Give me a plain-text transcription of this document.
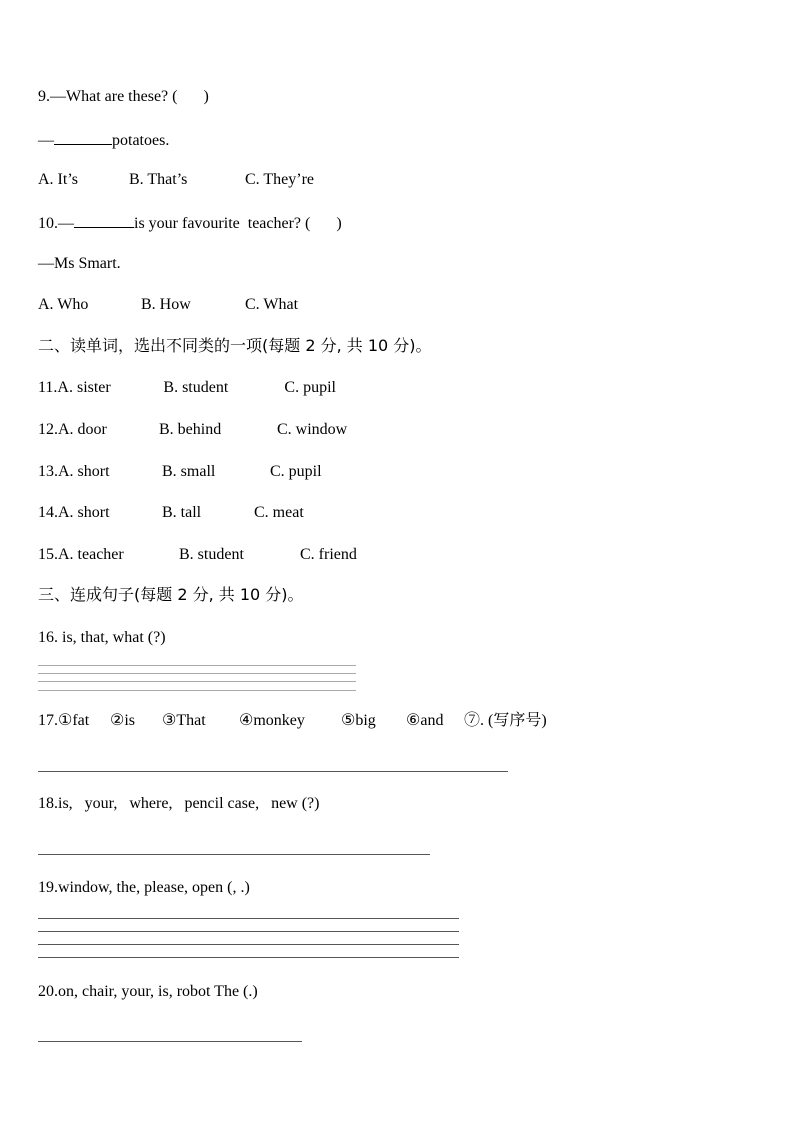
9.—What are these? ( )

—	potatoes.

A. It’s	B. That’s	C. They’re

10.—	is your favourite  teacher? ( )

—Ms Smart.

A. Who	B. How	C. What

二、读单词，选出不同类的一项(每题 2 分, 共 10 分)。

11.A. sister	B. student	C. pupil

12.A. door	B. behind	C. window

13.A. short	B. small	C. pupil

14.A. short	B. tall	C. meat

15.A. teacher	B. student	C. friend

三、连成句子(每题 2 分, 共 10 分)。

16. is, that, what (?)

17.①fat ②is ③That ④monkey ⑤big ⑥and ⑦. (写序号)

18.is,   your,   where,   pencil case,   new (?)

19.window, the, please, open (, .)

20.on, chair, your, is, robot The (.)
